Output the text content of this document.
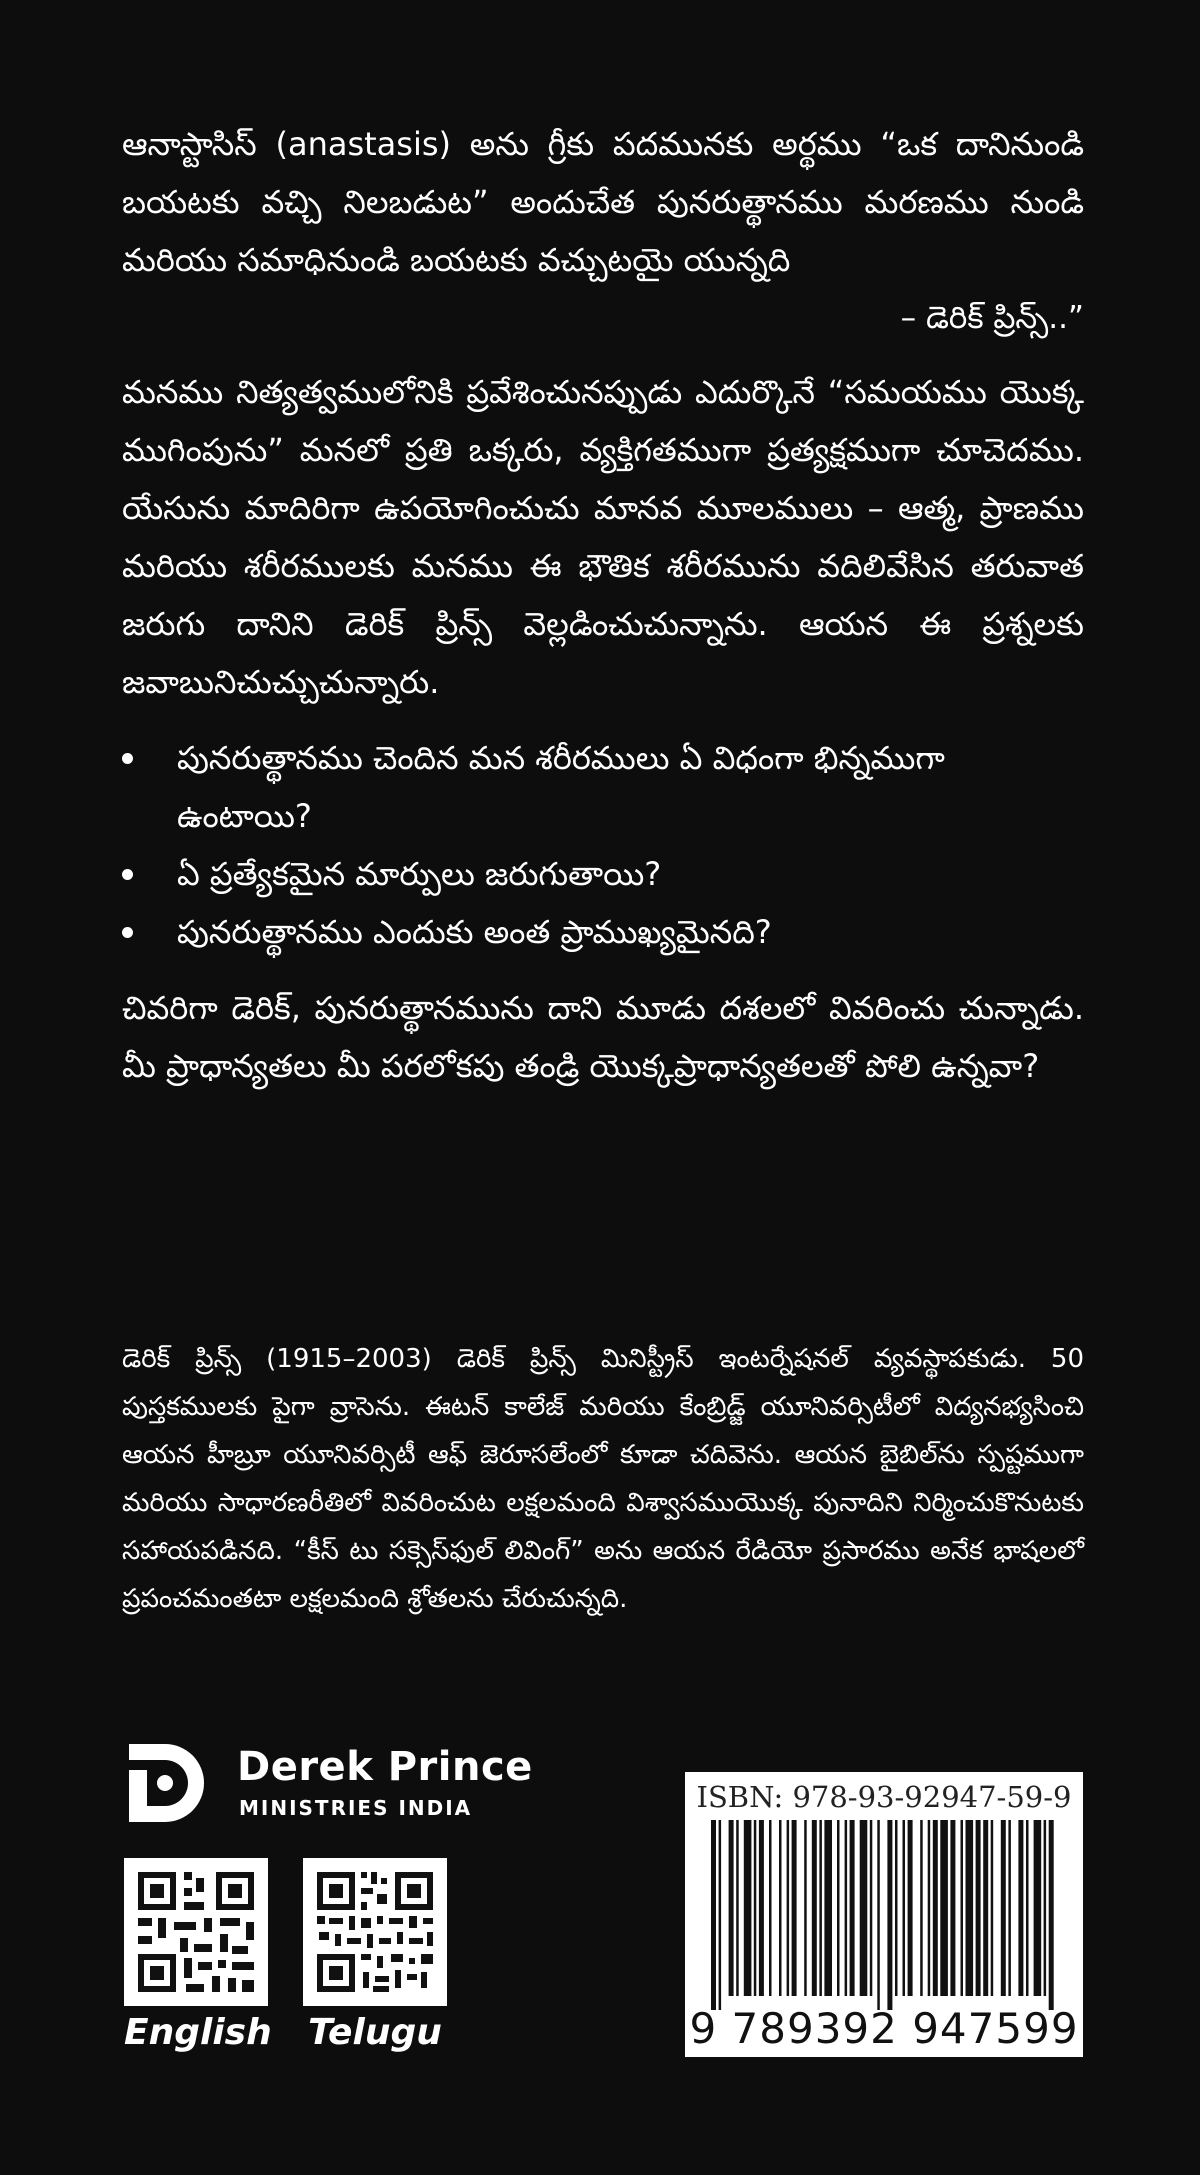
ఆనాస్టాసిస్ (anastasis) అను గ్రీకు పదమునకు అర్థము “ఒక దానినుండి బయటకు వచ్చి నిలబడుట” అందుచేత పునరుత్థానము మరణము నుండి మరియు సమాధినుండి బయటకు వచ్చుటయై యున్నది

– డెరిక్ ప్రిన్స్..”

మనము నిత్యత్వములోనికి ప్రవేశించునప్పుడు ఎదుర్కొనే “సమయము యొక్క ముగింపును” మనలో ప్రతి ఒక్కరు, వ్యక్తిగతముగా ప్రత్యక్షముగా చూచెదము. యేసును మాదిరిగా ఉపయోగించుచు మానవ మూలములు – ఆత్మ, ప్రాణము మరియు శరీరములకు మనము ఈ భౌతిక శరీరమును వదిలివేసిన తరువాత జరుగు దానిని డెరిక్ ప్రిన్స్ వెల్లడించుచున్నాను. ఆయన ఈ ప్రశ్నలకు జవాబునిచుచ్చుచున్నారు.

పునరుత్థానము చెందిన మన శరీరములు ఏ విధంగా భిన్నముగా ఉంటాయి?
ఏ ప్రత్యేకమైన మార్పులు జరుగుతాయి?
పునరుత్థానము ఎందుకు అంత ప్రాముఖ్యమైనది?

చివరిగా డెరిక్, పునరుత్థానమును దాని మూడు దశలలో వివరించు చున్నాడు. మీ ప్రాధాన్యతలు మీ పరలోకపు తండ్రి యొక్కప్రాధాన్యతలతో పోలి ఉన్నవా?

డెరిక్ ప్రిన్స్ (1915–2003) డెరిక్ ప్రిన్స్ మినిస్ట్రీస్ ఇంటర్నేషనల్ వ్యవస్థాపకుడు. 50 పుస్తకములకు పైగా వ్రాసెను. ఈటన్ కాలేజ్ మరియు కేంబ్రిడ్జ్ యూనివర్సిటీలో విద్యనభ్యసించి ఆయన హీబ్రూ యూనివర్సిటీ ఆఫ్ జెరూసలేంలో కూడా చదివెను. ఆయన బైబిల్‌ను స్పష్టముగా మరియు సాధారణరీతిలో వివరించుట లక్షలమంది విశ్వాసముయొక్క పునాదిని నిర్మించుకొనుటకు సహాయపడినది. “కీస్ టు సక్సెస్‌ఫుల్ లివింగ్” అను ఆయన రేడియో ప్రసారము అనేక భాషలలో ప్రపంచమంతటా లక్షలమంది శ్రోతలను చేరుచున్నది.

Derek Prince
MINISTRIES INDIA
English Telugu
ISBN: 978-93-92947-59-9
9 789392 947599
